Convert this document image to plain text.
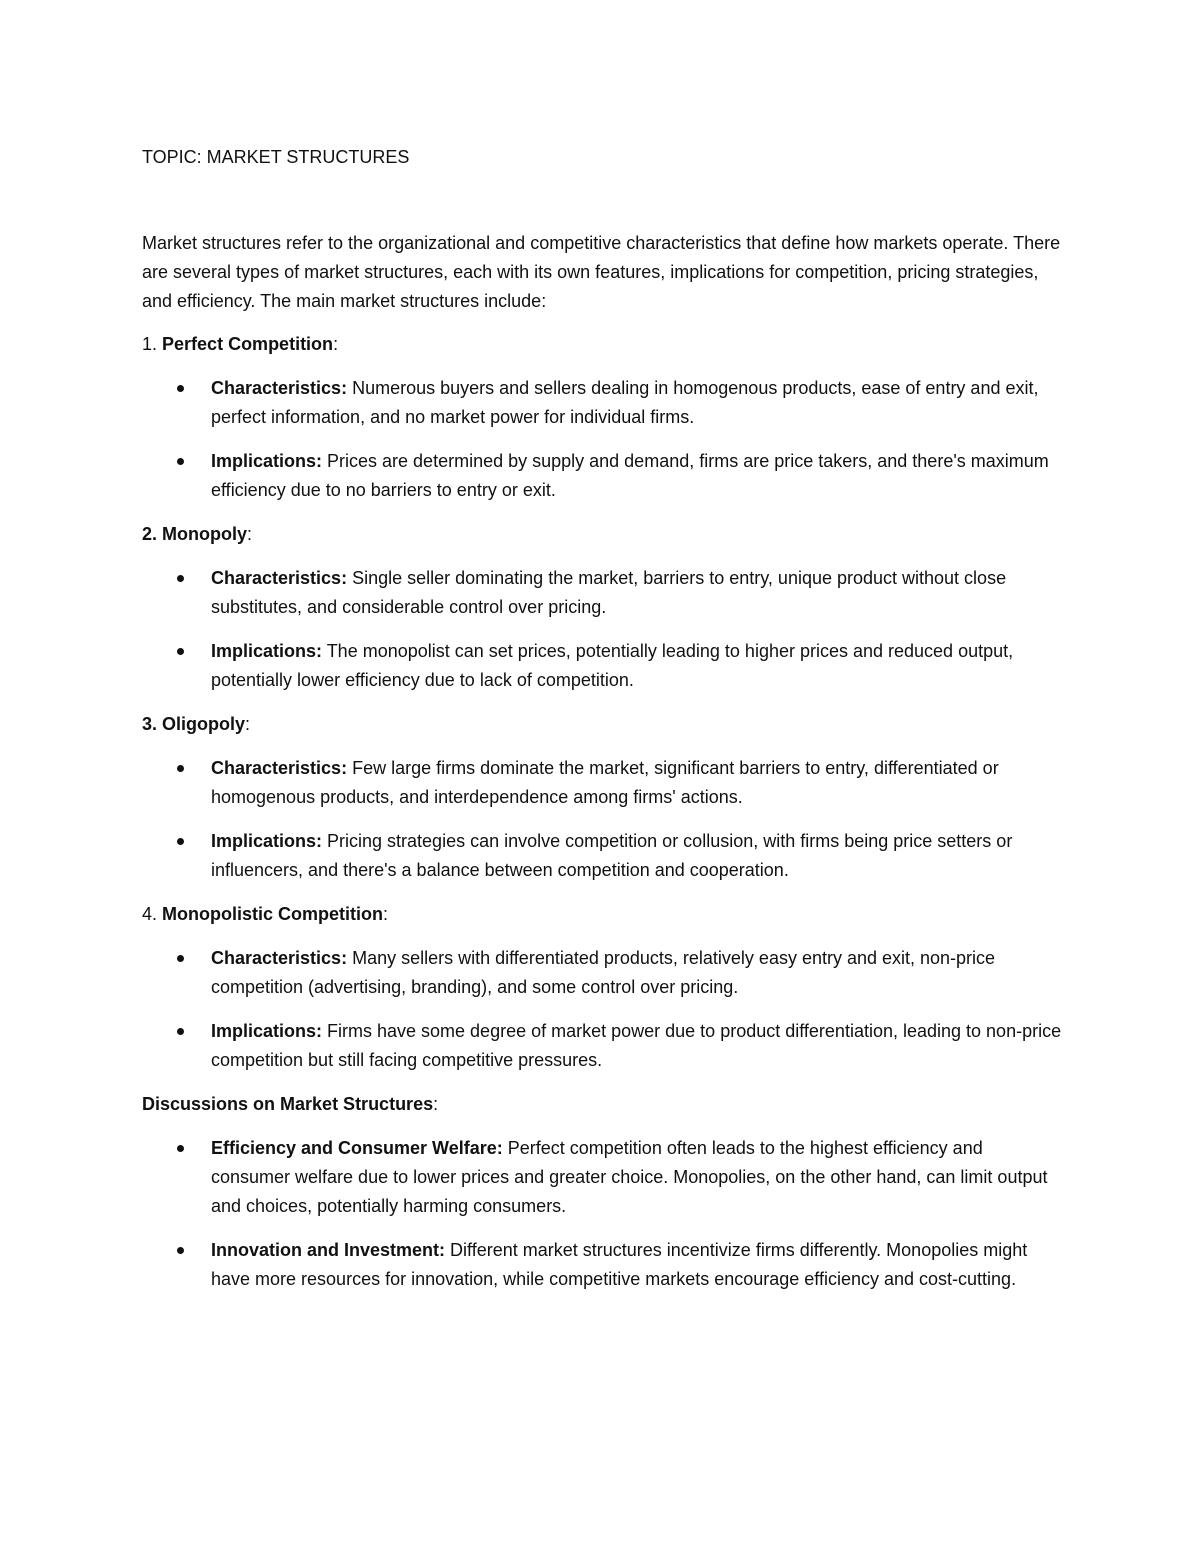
TOPIC: MARKET STRUCTURES

Market structures refer to the organizational and competitive characteristics that define how markets operate. There are several types of market structures, each with its own features, implications for competition, pricing strategies, and efficiency. The main market structures include:

1. Perfect Competition:

Characteristics: Numerous buyers and sellers dealing in homogenous products, ease of entry and exit, perfect information, and no market power for individual firms.
Implications: Prices are determined by supply and demand, firms are price takers, and there's maximum efficiency due to no barriers to entry or exit.

2. Monopoly:

Characteristics: Single seller dominating the market, barriers to entry, unique product without close substitutes, and considerable control over pricing.
Implications: The monopolist can set prices, potentially leading to higher prices and reduced output, potentially lower efficiency due to lack of competition.

3. Oligopoly:

Characteristics: Few large firms dominate the market, significant barriers to entry, differentiated or homogenous products, and interdependence among firms' actions.
Implications: Pricing strategies can involve competition or collusion, with firms being price setters or influencers, and there's a balance between competition and cooperation.

4. Monopolistic Competition:

Characteristics: Many sellers with differentiated products, relatively easy entry and exit, non-price competition (advertising, branding), and some control over pricing.
Implications: Firms have some degree of market power due to product differentiation, leading to non-price competition but still facing competitive pressures.

Discussions on Market Structures:

Efficiency and Consumer Welfare: Perfect competition often leads to the highest efficiency and consumer welfare due to lower prices and greater choice. Monopolies, on the other hand, can limit output and choices, potentially harming consumers.
Innovation and Investment: Different market structures incentivize firms differently. Monopolies might have more resources for innovation, while competitive markets encourage efficiency and cost-cutting.
